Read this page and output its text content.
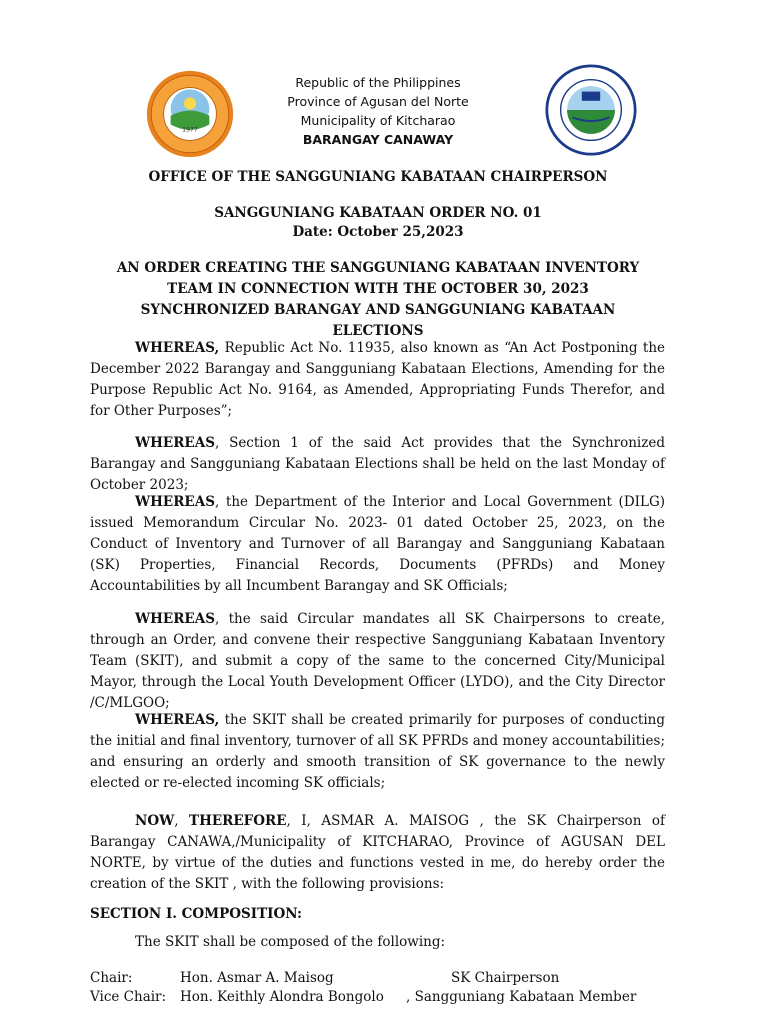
1977
Republic of the Philippines
Province of Agusan del Norte
Municipality of Kitcharao
BARANGAY CANAWAY
OFFICE OF THE SANGGUNIANG KABATAAN CHAIRPERSON
SANGGUNIANG KABATAAN ORDER NO. 01
Date: October 25,2023
AN ORDER CREATING THE SANGGUNIANG KABATAAN INVENTORY TEAM IN CONNECTION WITH THE OCTOBER 30, 2023 SYNCHRONIZED BARANGAY AND SANGGUNIANG KABATAAN ELECTIONS
WHEREAS, Republic Act No. 11935, also known as “An Act Postponing the December 2022 Barangay and Sangguniang Kabataan Elections, Amending for the Purpose Republic Act No. 9164, as Amended, Appropriating Funds Therefor, and for Other Purposes”;
WHEREAS, Section 1 of the said Act provides that the Synchronized Barangay and Sangguniang Kabataan Elections shall be held on the last Monday of October 2023;
WHEREAS, the Department of the Interior and Local Government (DILG) issued Memorandum Circular No. 2023- 01 dated October 25, 2023, on the Conduct of Inventory and Turnover of all Barangay and Sangguniang Kabataan (SK) Properties, Financial Records, Documents (PFRDs) and Money Accountabilities by all Incumbent Barangay and SK Officials;
WHEREAS, the said Circular mandates all SK Chairpersons to create, through an Order, and convene their respective Sangguniang Kabataan Inventory Team (SKIT), and submit a copy of the same to the concerned City/Municipal Mayor, through the Local Youth Development Officer (LYDO), and the City Director /C/MLGOO;
WHEREAS, the SKIT shall be created primarily for purposes of conducting the initial and final inventory, turnover of all SK PFRDs and money accountabilities; and ensuring an orderly and smooth transition of SK governance to the newly elected or re-elected incoming SK officials;
NOW, THEREFORE, I, ASMAR A. MAISOG , the SK Chairperson of Barangay CANAWA,/Municipality of KITCHARAO, Province of AGUSAN DEL NORTE, by virtue of the duties and functions vested in me, do hereby order the creation of the SKIT , with the following provisions:
SECTION I. COMPOSITION:
The SKIT shall be composed of the following:
Chair:	Hon. Asmar A. Maisog	SK Chairperson
Vice Chair: Hon. Keithly Alondra Bongolo , Sangguniang Kabataan Member
